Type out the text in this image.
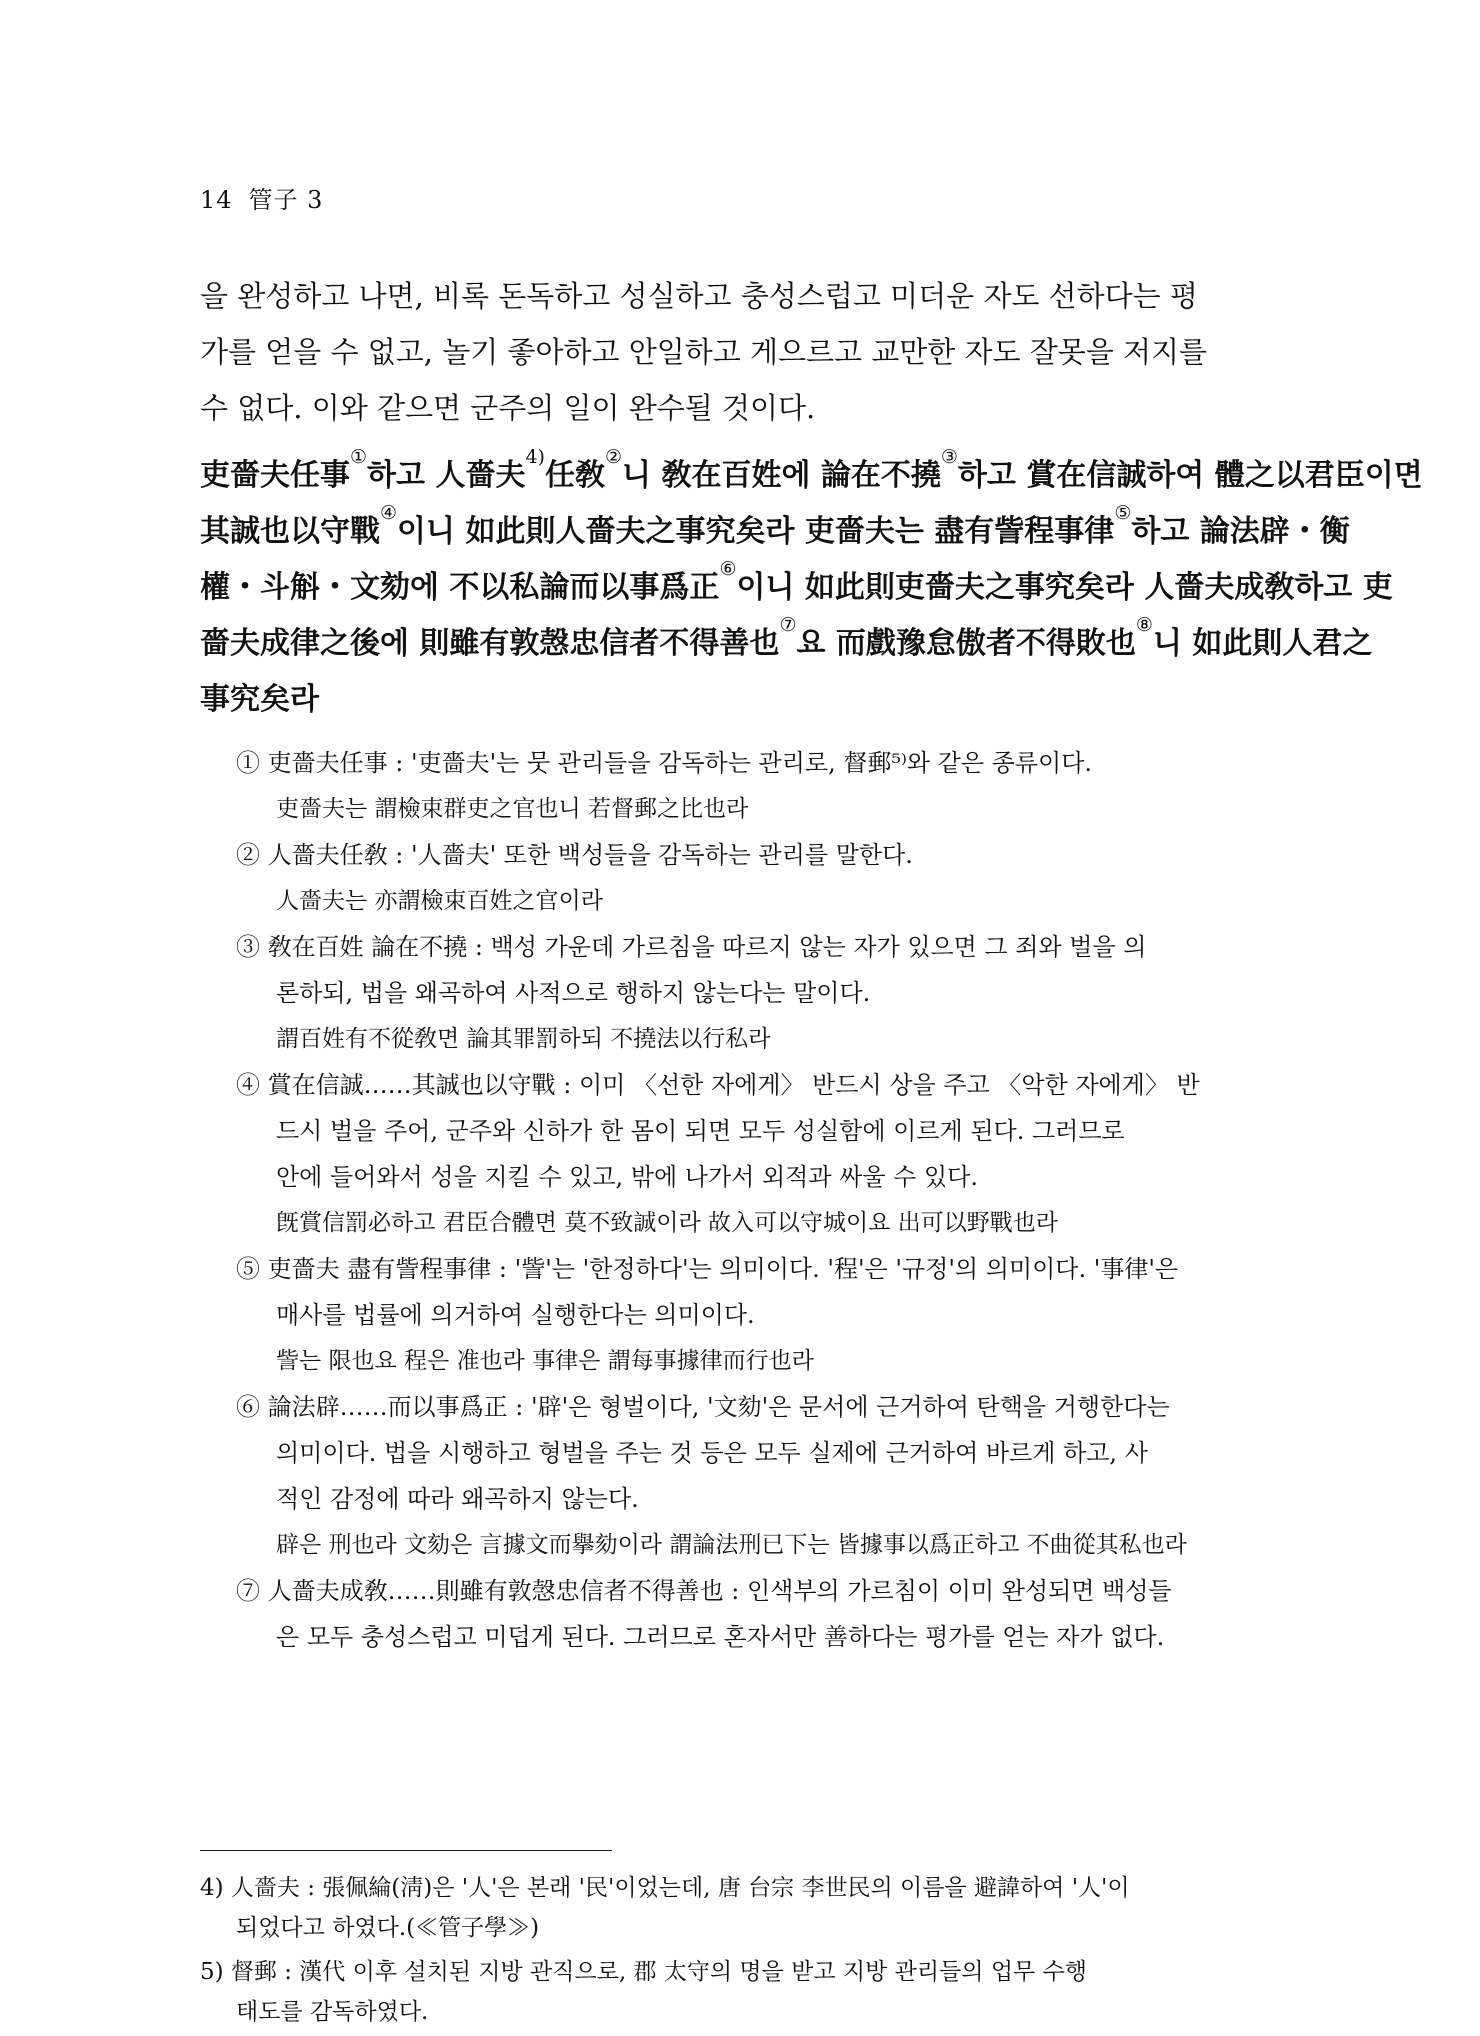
14 管子 3
을 완성하고 나면, 비록 돈독하고 성실하고 충성스럽고 미더운 자도 선하다는 평
가를 얻을 수 없고, 놀기 좋아하고 안일하고 게으르고 교만한 자도 잘못을 저지를
수 없다. 이와 같으면 군주의 일이 완수될 것이다.
吏嗇夫任事①하고 人嗇夫$^{4)}$任敎②니 敎在百姓에 論在不撓③하고 賞在信誠하여 體之以君臣이면
其誠也以守戰④이니 如此則人嗇夫之事究矣라 吏嗇夫는 盡有訾程事律⑤하고 論法辟・衡
權・斗斛・文劾에 不以私論而以事爲正⑥이니 如此則吏嗇夫之事究矣라 人嗇夫成敎하고 吏
嗇夫成律之後에 則雖有敦愨忠信者不得善也⑦요 而戲豫怠傲者不得敗也⑧니 如此則人君之
事究矣라
① 吏嗇夫任事 : '吏嗇夫'는 뭇 관리들을 감독하는 관리로, 督郵⁵⁾와 같은 종류이다.
吏嗇夫는 謂檢束群吏之官也니 若督郵之比也라
② 人嗇夫任敎 : '人嗇夫' 또한 백성들을 감독하는 관리를 말한다.
人嗇夫는 亦謂檢束百姓之官이라
③ 敎在百姓 論在不撓 : 백성 가운데 가르침을 따르지 않는 자가 있으면 그 죄와 벌을 의
론하되, 법을 왜곡하여 사적으로 행하지 않는다는 말이다.
謂百姓有不從敎면 論其罪罰하되 不撓法以行私라
④ 賞在信誠……其誠也以守戰 : 이미 〈선한 자에게〉 반드시 상을 주고 〈악한 자에게〉 반
드시 벌을 주어, 군주와 신하가 한 몸이 되면 모두 성실함에 이르게 된다. 그러므로
안에 들어와서 성을 지킬 수 있고, 밖에 나가서 외적과 싸울 수 있다.
旣賞信罰必하고 君臣合體면 莫不致誠이라 故入可以守城이요 出可以野戰也라
⑤ 吏嗇夫 盡有訾程事律 : '訾'는 '한정하다'는 의미이다. '程'은 '규정'의 의미이다. '事律'은
매사를 법률에 의거하여 실행한다는 의미이다.
訾는 限也요 程은 准也라 事律은 謂每事據律而行也라
⑥ 論法辟……而以事爲正 : '辟'은 형벌이다, '文劾'은 문서에 근거하여 탄핵을 거행한다는
의미이다. 법을 시행하고 형벌을 주는 것 등은 모두 실제에 근거하여 바르게 하고, 사
적인 감정에 따라 왜곡하지 않는다.
辟은 刑也라 文劾은 言據文而擧劾이라 謂論法刑已下는 皆據事以爲正하고 不曲從其私也라
⑦ 人嗇夫成敎……則雖有敦愨忠信者不得善也 : 인색부의 가르침이 이미 완성되면 백성들
은 모두 충성스럽고 미덥게 된다. 그러므로 혼자서만 善하다는 평가를 얻는 자가 없다.
4) 人嗇夫 : 張佩綸(淸)은 '人'은 본래 '民'이었는데, 唐 台宗 李世民의 이름을 避諱하여 '人'이
되었다고 하였다.(≪管子學≫)
5) 督郵 : 漢代 이후 설치된 지방 관직으로, 郡 太守의 명을 받고 지방 관리들의 업무 수행
태도를 감독하였다.
